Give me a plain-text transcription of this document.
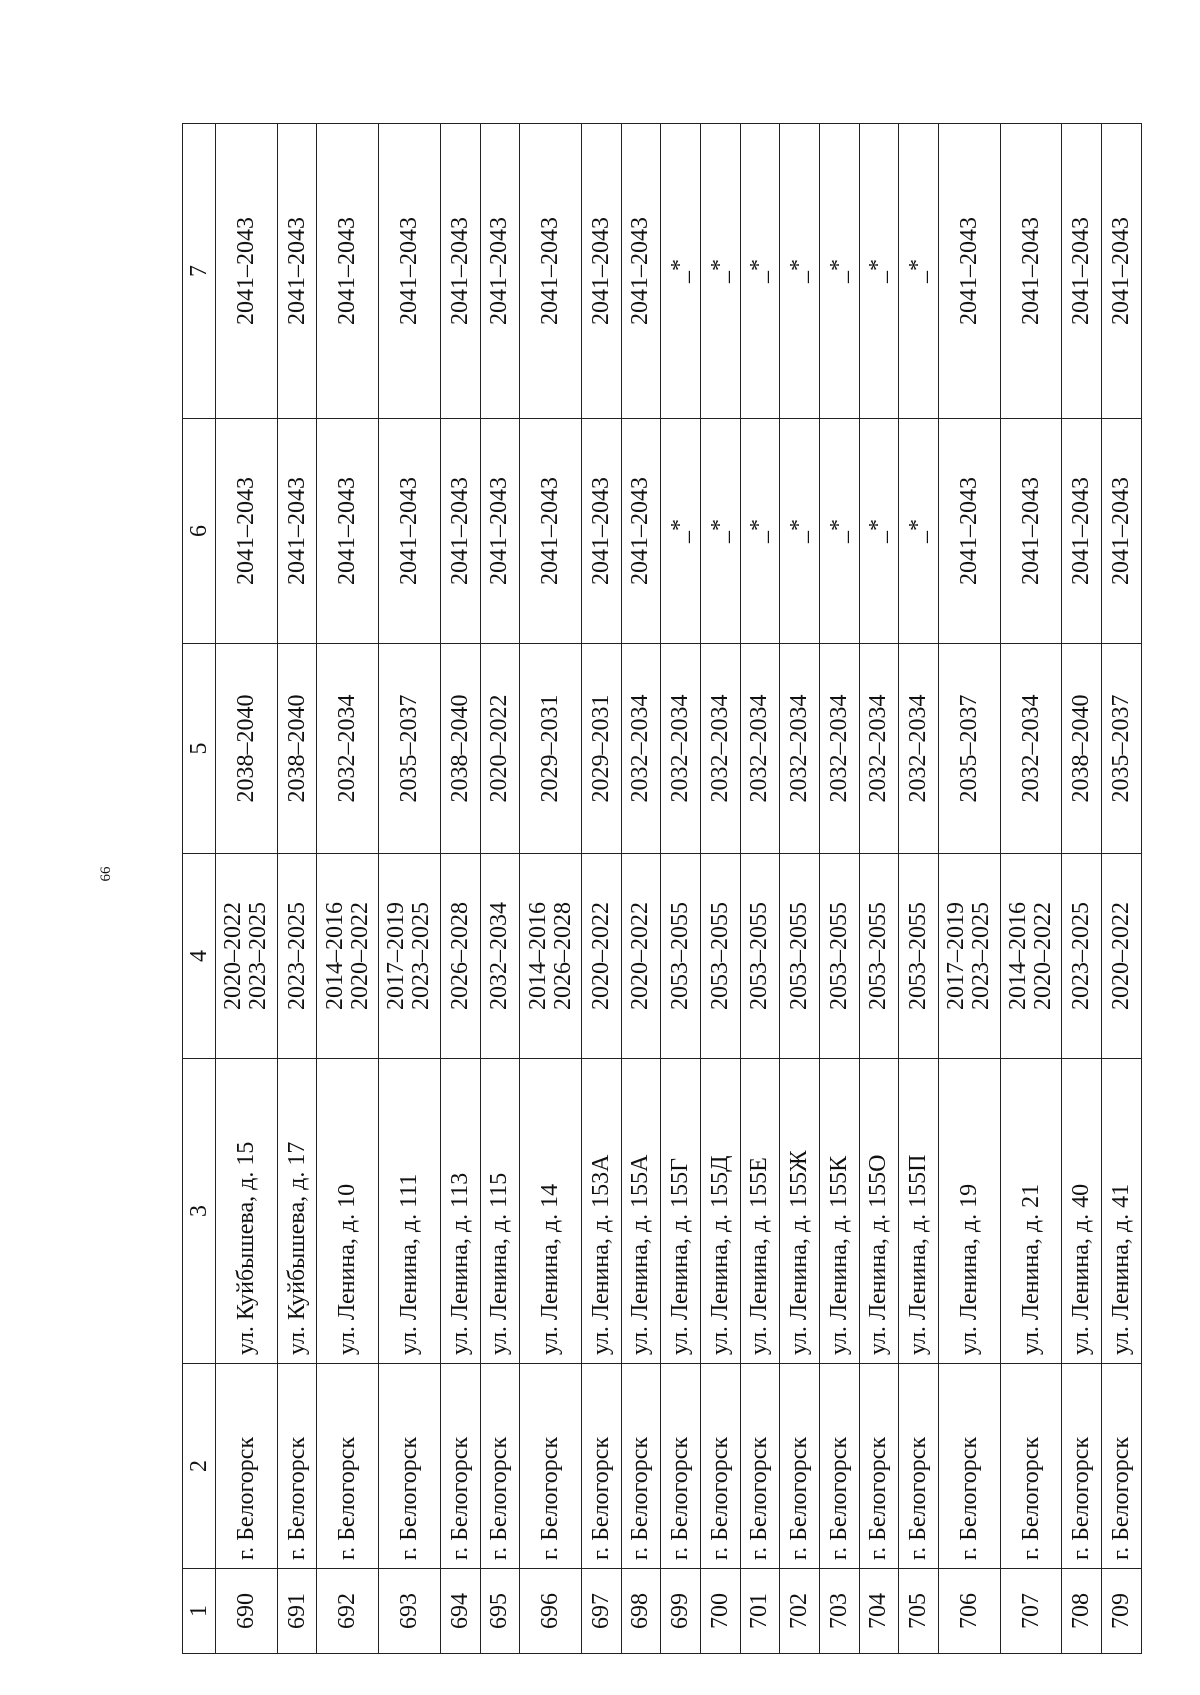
66
1	2	3	4	5	6	7
690	г. Белогорск	ул. Куйбышева, д. 15	2020–2022 2023–2025	2038–2040	2041–2043	2041–2043
691	г. Белогорск	ул. Куйбышева, д. 17	2023–2025	2038–2040	2041–2043	2041–2043
692	г. Белогорск	ул. Ленина, д. 10	2014–2016 2020–2022	2032–2034	2041–2043	2041–2043
693	г. Белогорск	ул. Ленина, д. 111	2017–2019 2023–2025	2035–2037	2041–2043	2041–2043
694	г. Белогорск	ул. Ленина, д. 113	2026–2028	2038–2040	2041–2043	2041–2043
695	г. Белогорск	ул. Ленина, д. 115	2032–2034	2020–2022	2041–2043	2041–2043
696	г. Белогорск	ул. Ленина, д. 14	2014–2016 2026–2028	2029–2031	2041–2043	2041–2043
697	г. Белогорск	ул. Ленина, д. 153А	2020–2022	2029–2031	2041–2043	2041–2043
698	г. Белогорск	ул. Ленина, д. 155А	2020–2022	2032–2034	2041–2043	2041–2043
699	г. Белогорск	ул. Ленина, д. 155Г	2053–2055	2032–2034	_*	_*
700	г. Белогорск	ул. Ленина, д. 155Д	2053–2055	2032–2034	_*	_*
701	г. Белогорск	ул. Ленина, д. 155Е	2053–2055	2032–2034	_*	_*
702	г. Белогорск	ул. Ленина, д. 155Ж	2053–2055	2032–2034	_*	_*
703	г. Белогорск	ул. Ленина, д. 155К	2053–2055	2032–2034	_*	_*
704	г. Белогорск	ул. Ленина, д. 155О	2053–2055	2032–2034	_*	_*
705	г. Белогорск	ул. Ленина, д. 155П	2053–2055	2032–2034	_*	_*
706	г. Белогорск	ул. Ленина, д. 19	2017–2019 2023–2025	2035–2037	2041–2043	2041–2043
707	г. Белогорск	ул. Ленина, д. 21	2014–2016 2020–2022	2032–2034	2041–2043	2041–2043
708	г. Белогорск	ул. Ленина, д. 40	2023–2025	2038–2040	2041–2043	2041–2043
709	г. Белогорск	ул. Ленина, д. 41	2020–2022	2035–2037	2041–2043	2041–2043
